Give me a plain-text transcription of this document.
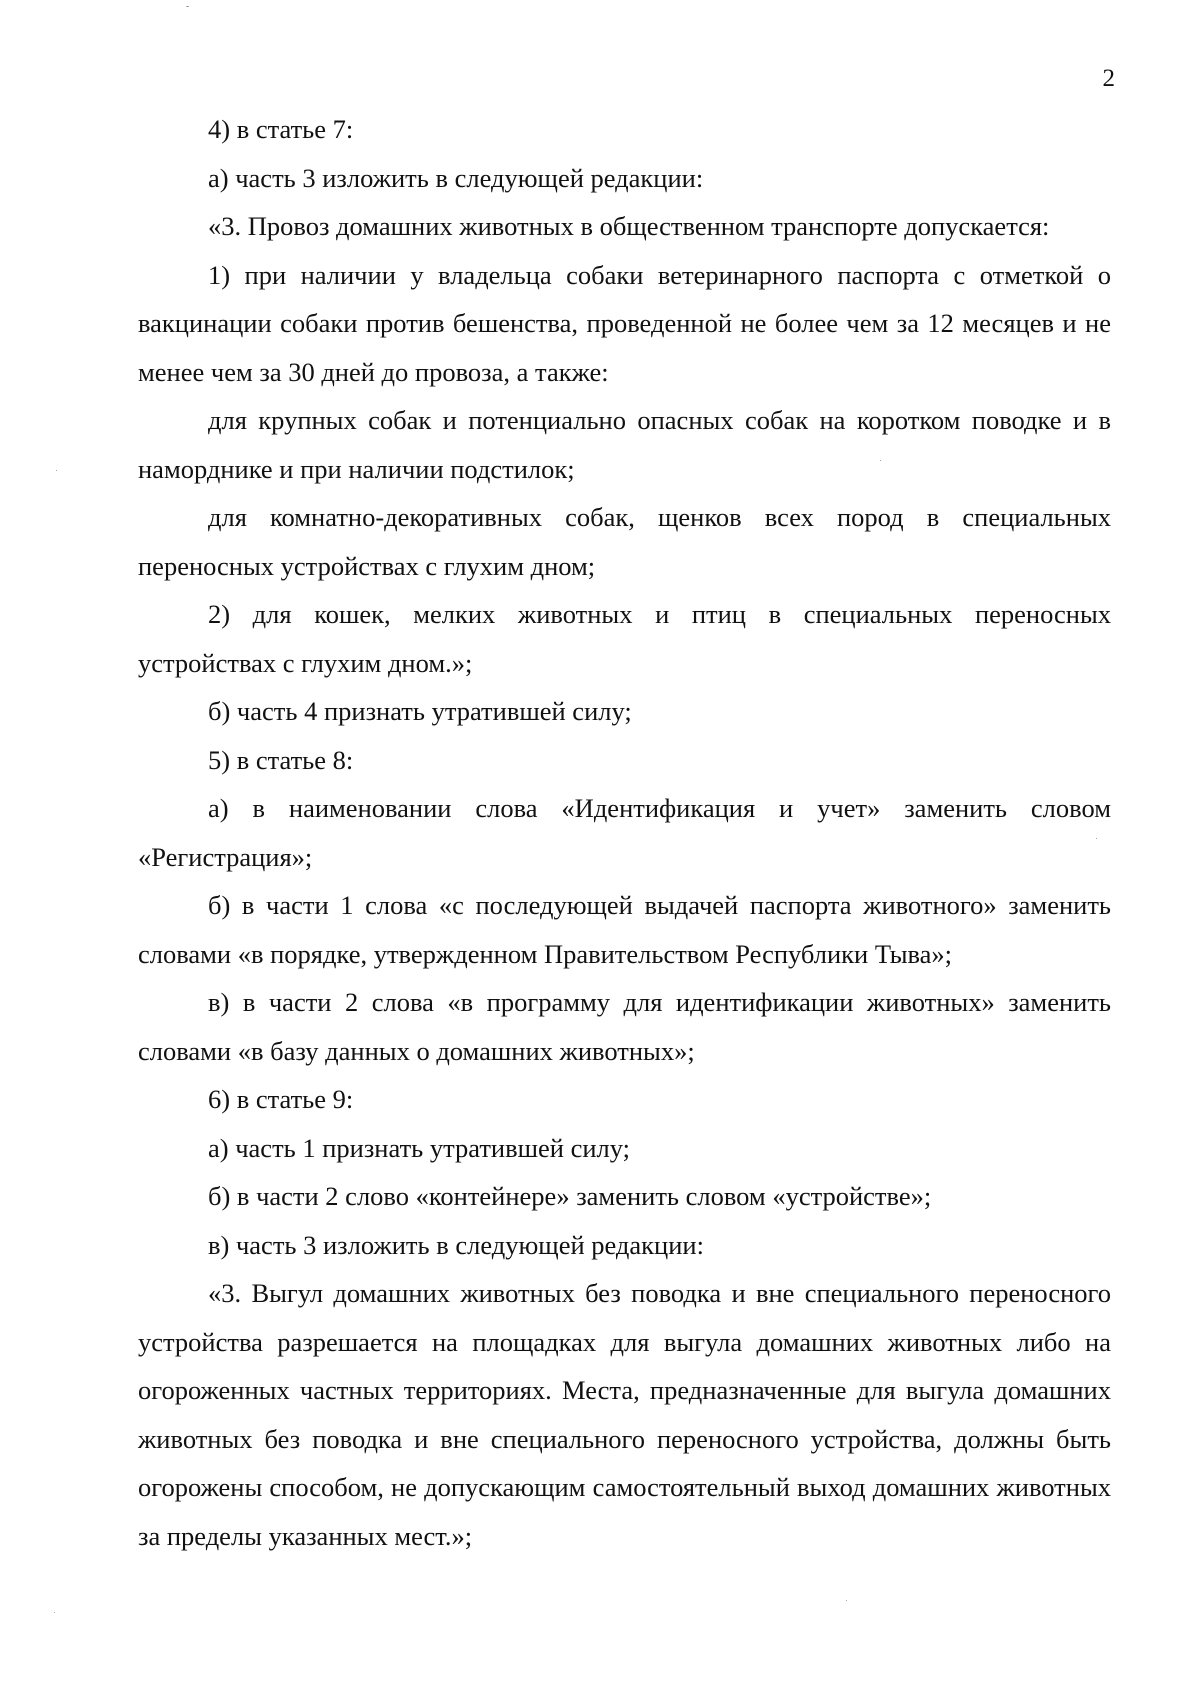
2

4) в статье 7:

а) часть 3 изложить в следующей редакции:

«3. Провоз домашних животных в общественном транспорте допускается:

1) при наличии у владельца собаки ветеринарного паспорта с отметкой о вакцинации собаки против бешенства, проведенной не более чем за 12 месяцев и не менее чем за 30 дней до провоза, а также:

для крупных собак и потенциально опасных собак на коротком поводке и в наморднике и при наличии подстилок;

для комнатно-декоративных собак, щенков всех пород в специальных переносных устройствах с глухим дном;

2) для кошек, мелких животных и птиц в специальных переносных устройствах с глухим дном.»;

б) часть 4 признать утратившей силу;

5) в статье 8:

а) в наименовании слова «Идентификация и учет» заменить словом «Регистрация»;

б) в части 1 слова «с последующей выдачей паспорта животного» заменить словами «в порядке, утвержденном Правительством Республики Тыва»;

в) в части 2 слова «в программу для идентификации животных» заменить словами «в базу данных о домашних животных»;

6) в статье 9:

а) часть 1 признать утратившей силу;

б) в части 2 слово «контейнере» заменить словом «устройстве»;

в) часть 3 изложить в следующей редакции:

«3. Выгул домашних животных без поводка и вне специального переносного устройства разрешается на площадках для выгула домашних животных либо на огороженных частных территориях. Места, предназначенные для выгула домашних животных без поводка и вне специального переносного устройства, должны быть огорожены способом, не допускающим самостоятельный выход домашних животных за пределы указанных мест.»;
